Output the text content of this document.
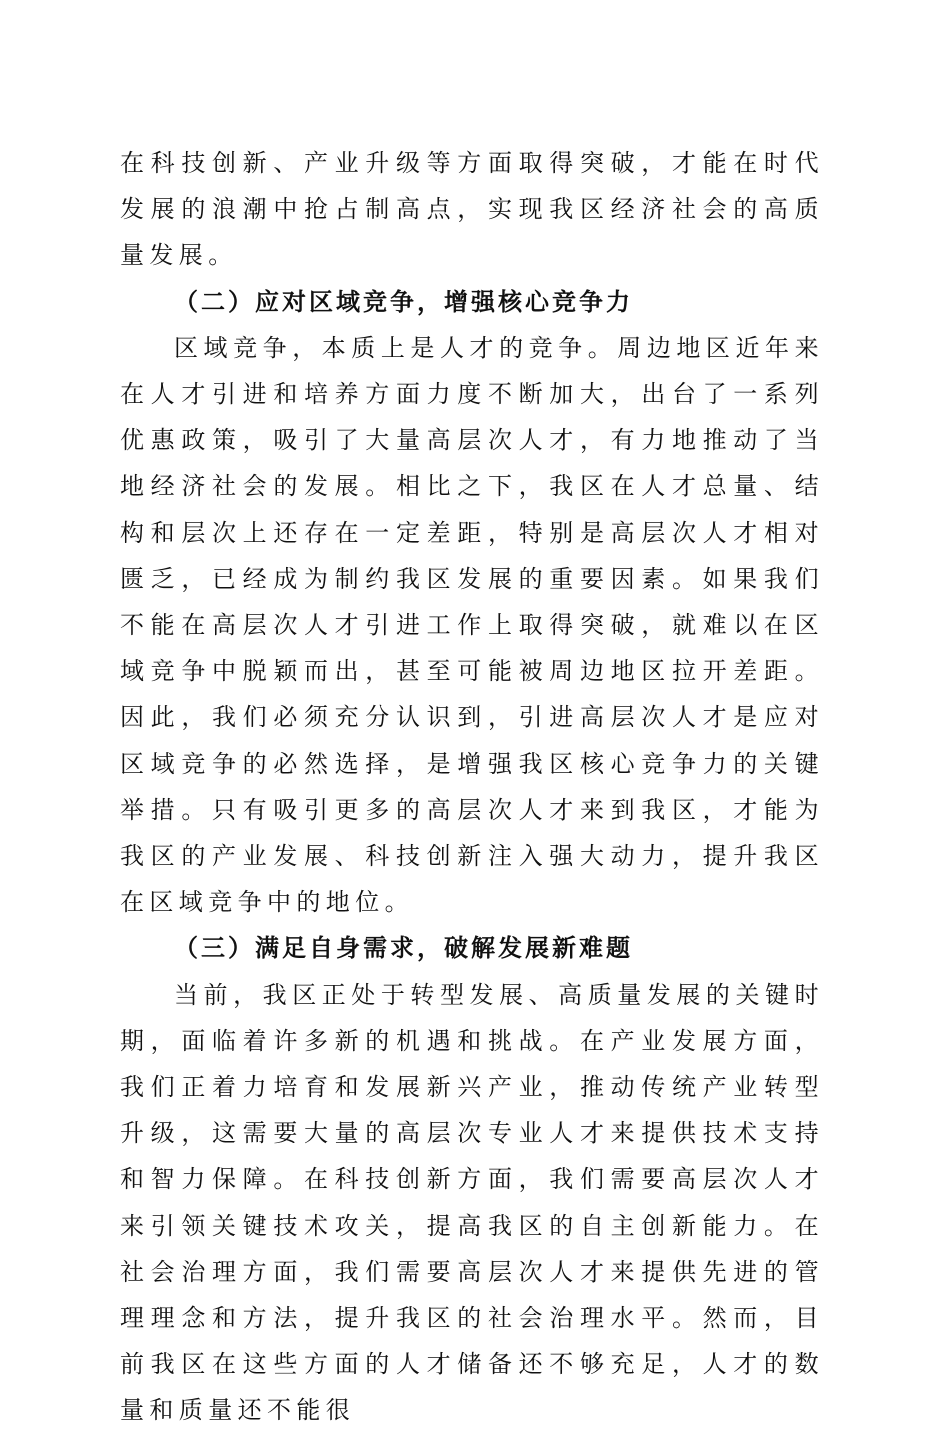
在科技创新、产业升级等方面取得突破，才能在时代发展的浪潮中抢占制高点，实现我区经济社会的高质量发展。

（二）应对区域竞争，增强核心竞争力

区域竞争，本质上是人才的竞争。周边地区近年来在人才引进和培养方面力度不断加大，出台了一系列优惠政策，吸引了大量高层次人才，有力地推动了当地经济社会的发展。相比之下，我区在人才总量、结构和层次上还存在一定差距，特别是高层次人才相对匮乏，已经成为制约我区发展的重要因素。如果我们不能在高层次人才引进工作上取得突破，就难以在区域竞争中脱颖而出，甚至可能被周边地区拉开差距。因此，我们必须充分认识到，引进高层次人才是应对区域竞争的必然选择，是增强我区核心竞争力的关键举措。只有吸引更多的高层次人才来到我区，才能为我区的产业发展、科技创新注入强大动力，提升我区在区域竞争中的地位。

（三）满足自身需求，破解发展新难题

当前，我区正处于转型发展、高质量发展的关键时期，面临着许多新的机遇和挑战。在产业发展方面，我们正着力培育和发展新兴产业，推动传统产业转型升级，这需要大量的高层次专业人才来提供技术支持和智力保障。在科技创新方面，我们需要高层次人才来引领关键技术攻关，提高我区的自主创新能力。在社会治理方面，我们需要高层次人才来提供先进的管理理念和方法，提升我区的社会治理水平。然而，目前我区在这些方面的人才储备还不够充足，人才的数量和质量还不能很
